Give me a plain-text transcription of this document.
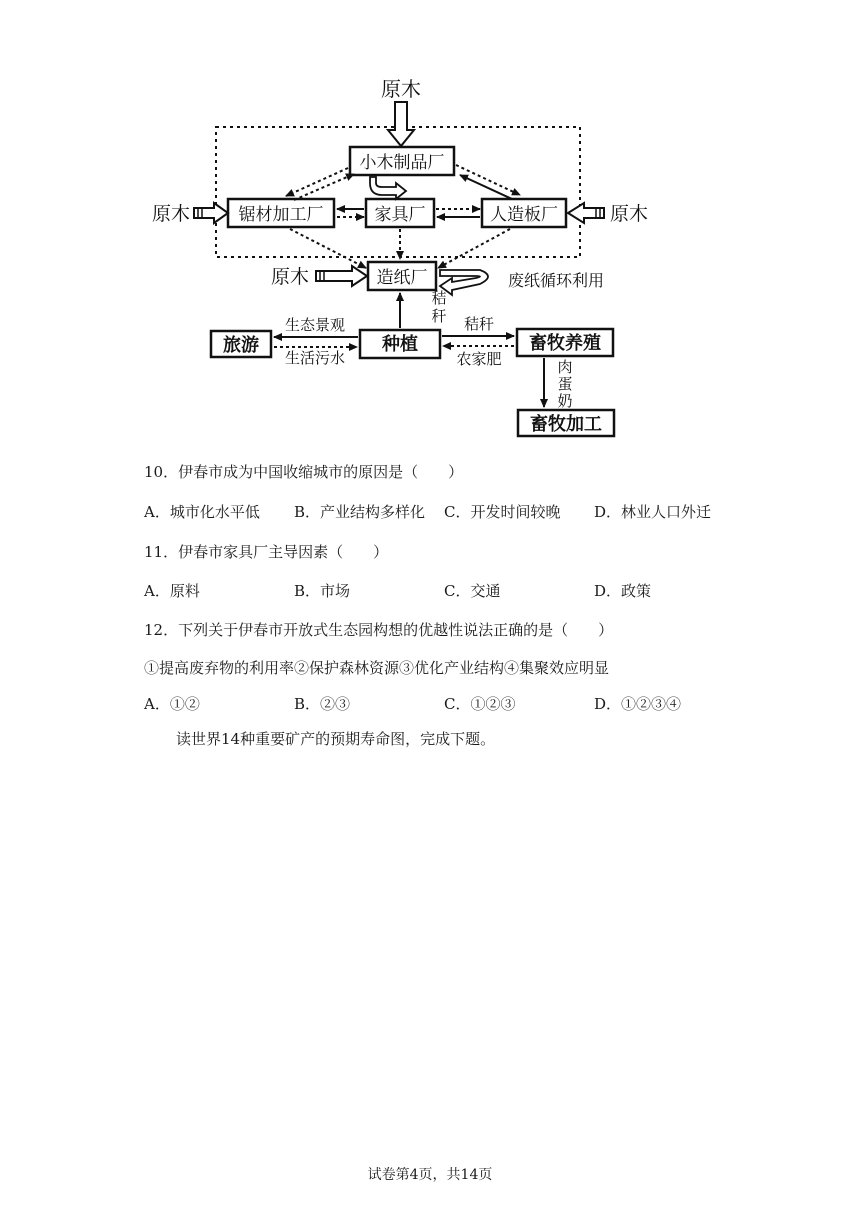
原木
小木制品厂
锯材加工厂	家具厂	人造板厂
造纸厂
旅游	种植	畜牧养殖
畜牧加工
原木	原木
原木	废纸循环利用
秸
秆 秸秆
农家肥
生态景观
生活污水	肉
蛋
奶
10．伊春市成为中国收缩城市的原因是（　　）
A．城市化水平低 B．产业结构多样化 C．开发时间较晚 D．林业人口外迁
11．伊春市家具厂主导因素（　　）
A．原料	B．市场	C．交通	D．政策
12．下列关于伊春市开放式生态园构想的优越性说法正确的是（　　）
①提高废弃物的利用率②保护森林资源③优化产业结构④集聚效应明显
A．①②	B．②③	C．①②③	D．①②③④
读世界14种重要矿产的预期寿命图，完成下题。
试卷第4页，共14页
